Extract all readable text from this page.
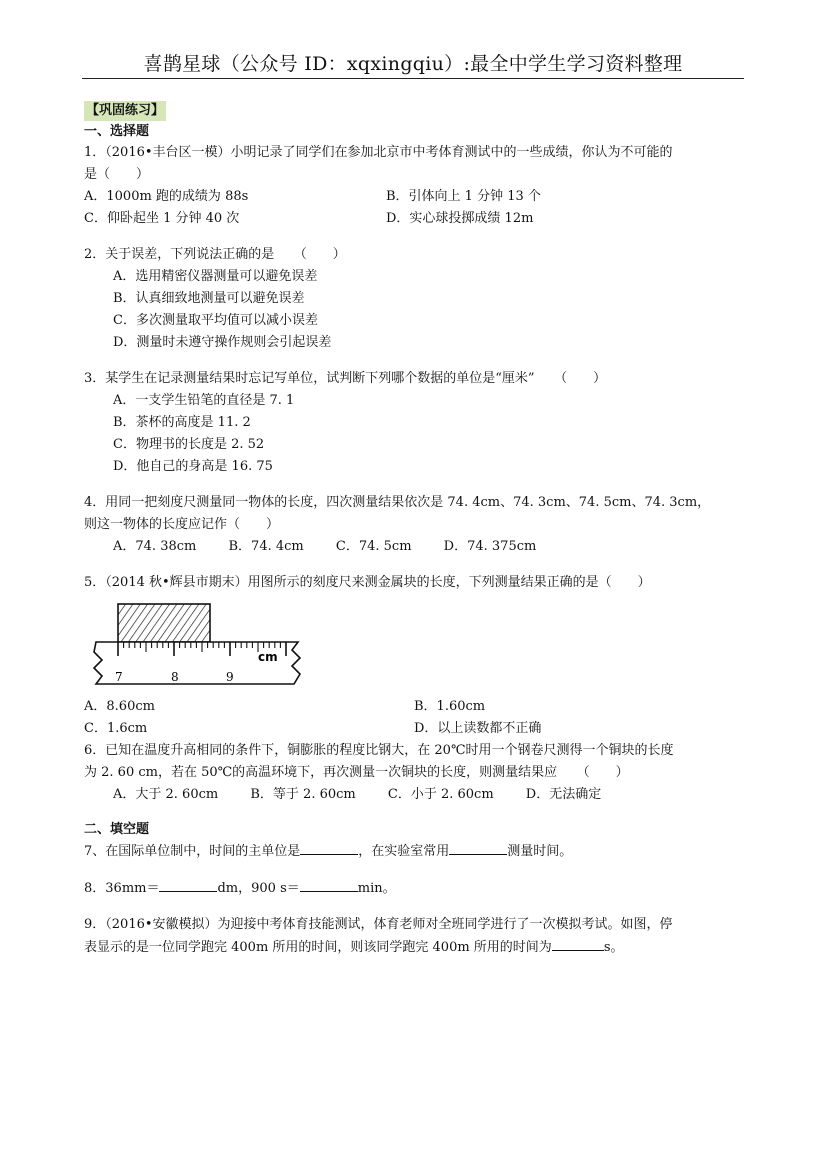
喜鹊星球（公众号 ID：xqxingqiu）:最全中学生学习资料整理
【巩固练习】
一、选择题

1．（2016•丰台区一模）小明记录了同学们在参加北京市中考体育测试中的一些成绩，你认为不可能的

是（　　）

A．1000m 跑的成绩为 88s	B．引体向上 1 分钟 13 个
C．仰卧起坐 1 分钟 40 次	D．实心球投掷成绩 12m

2．关于误差，下列说法正确的是　　（　　）

A．选用精密仪器测量可以避免误差

B．认真细致地测量可以避免误差

C．多次测量取平均值可以减小误差

D．测量时未遵守操作规则会引起误差

3．某学生在记录测量结果时忘记写单位，试判断下列哪个数据的单位是“厘米”　　（　　）

A．一支学生铅笔的直径是 7. 1

B．茶杯的高度是 11. 2

C．物理书的长度是 2. 52

D．他自己的身高是 16. 75

4．用同一把刻度尺测量同一物体的长度，四次测量结果依次是 74. 4cm、74. 3cm、74. 5cm、74. 3cm，

则这一物体的长度应记作（　　）

A．74. 38cm B．74. 4cm C．74. 5cm D．74. 375cm

5．（2014 秋•辉县市期末）用图所示的刻度尺来测金属块的长度，下列测量结果正确的是（　　）

7	8	9
cm
A．8.60cm	B．1.60cm
C．1.6cm	D．以上读数都不正确

6．已知在温度升高相同的条件下，铜膨胀的程度比钢大，在 20℃时用一个钢卷尺测得一个铜块的长度

为 2. 60 cm，若在 50℃的高温环境下，再次测量一次铜块的长度，则测量结果应　　（　　）

A．大于 2. 60cm B．等于 2. 60cm C．小于 2. 60cm D．无法确定

二、填空题

7、在国际单位制中，时间的主单位是	，在实验室常用	测量时间。

8．36mm＝	dm，900 s＝	min。

9．（2016•安徽模拟）为迎接中考体育技能测试，体育老师对全班同学进行了一次模拟考试。如图，停

表显示的是一位同学跑完 400m 所用的时间，则该同学跑完 400m 所用的时间为	s。
